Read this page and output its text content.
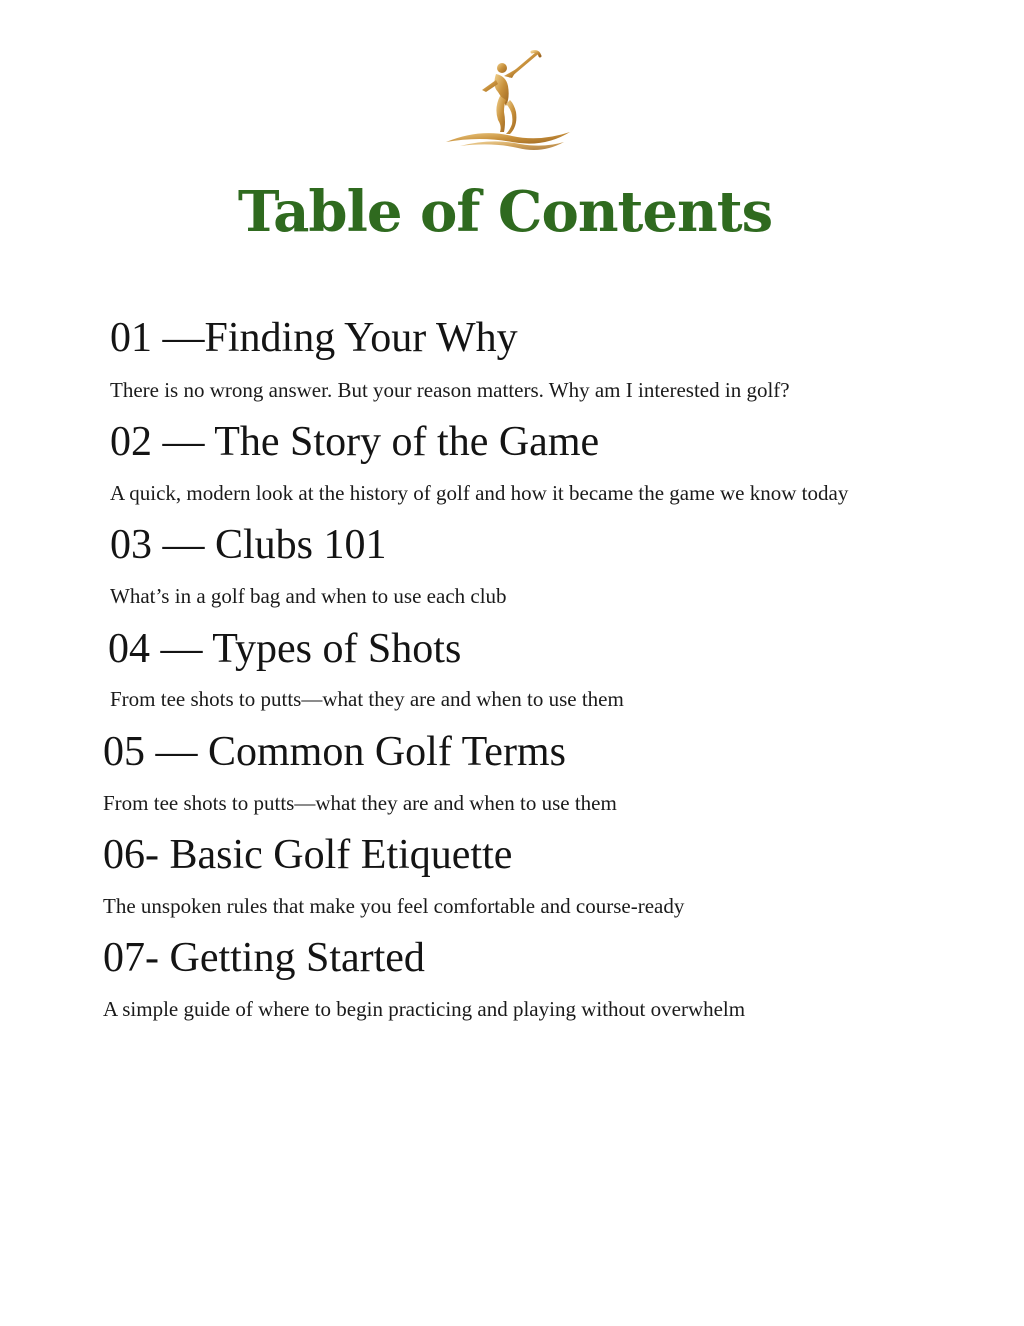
Table of Contents
01 —Finding Your Why

There is no wrong answer. But your reason matters. Why am I interested in golf?

02 — The Story of the Game

A quick, modern look at the history of golf and how it became the game we know today

03 — Clubs 101

What’s in a golf bag and when to use each club

04 — Types of Shots

From tee shots to putts—what they are and when to use them

05 — Common Golf Terms

From tee shots to putts—what they are and when to use them

06- Basic Golf Etiquette

The unspoken rules that make you feel comfortable and course-ready

07- Getting Started

A simple guide of where to begin practicing and playing without overwhelm
